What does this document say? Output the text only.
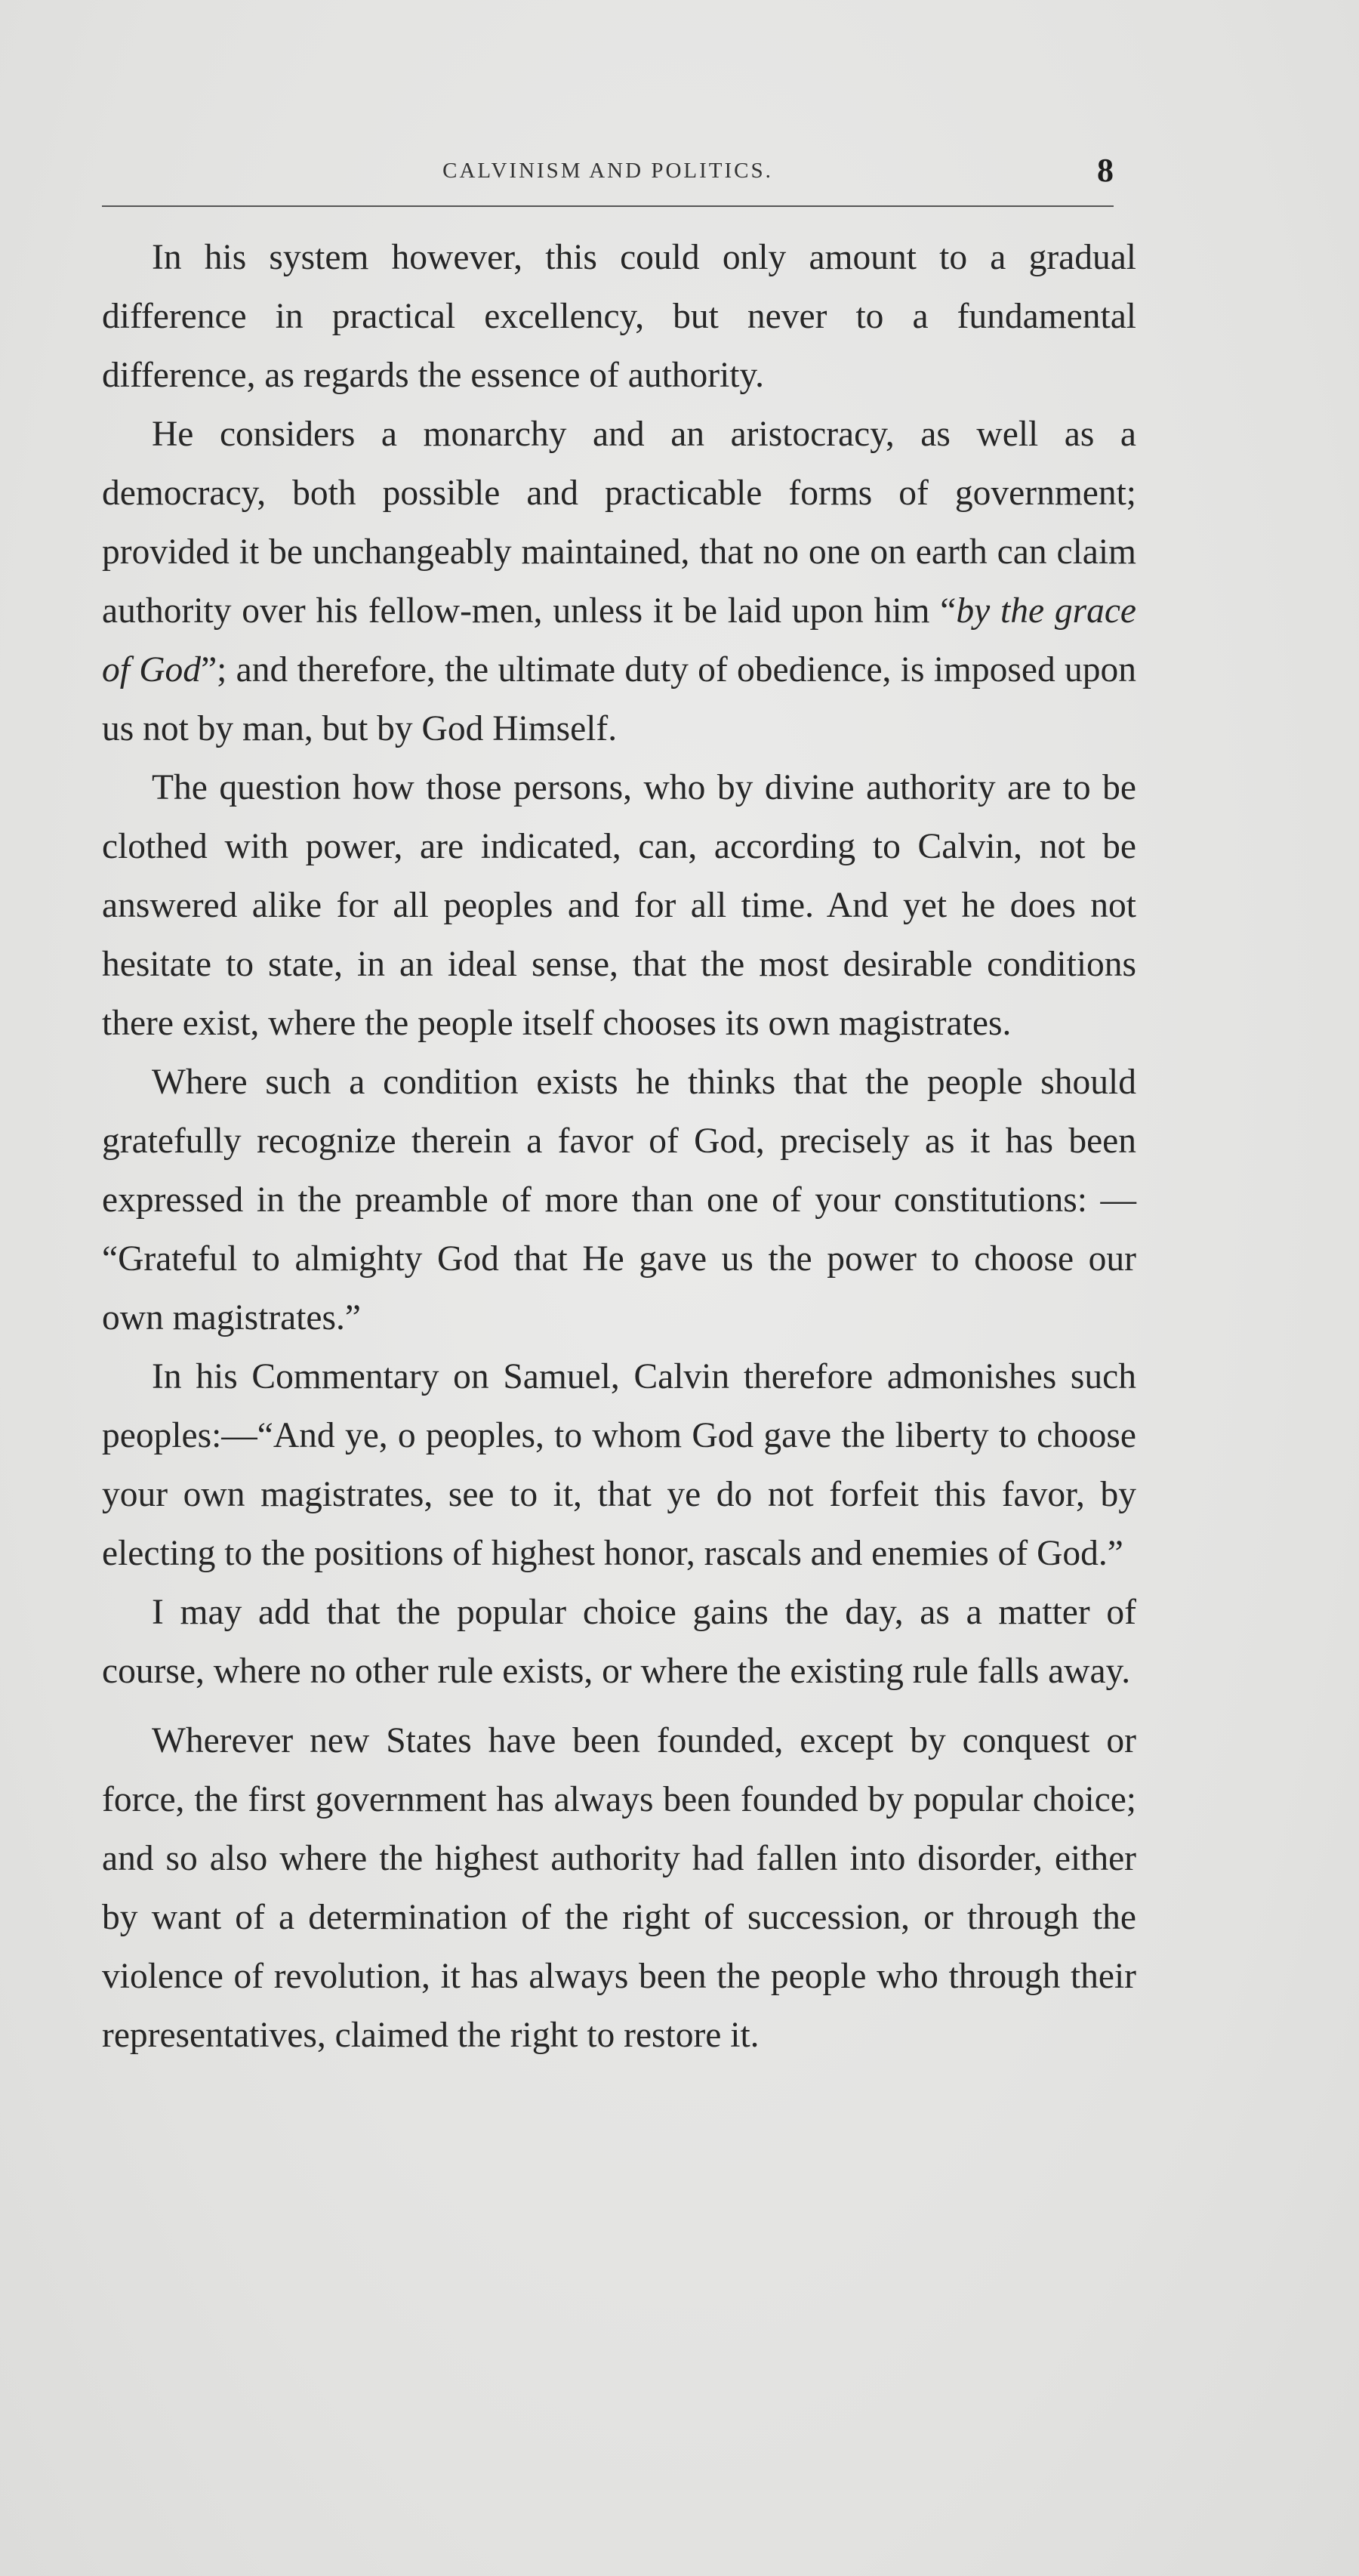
CALVINISM AND POLITICS.	8

In his system however, this could only amount to a gradual difference in practical excellency, but never to a fundamental difference, as regards the essence of authority.

He considers a monarchy and an aristocracy, as well as a democracy, both possible and practicable forms of government; provided it be unchangeably maintained, that no one on earth can claim authority over his fellow-men, unless it be laid upon him “by the grace of God”; and therefore, the ultimate duty of obedience, is imposed upon us not by man, but by God Himself.

The question how those persons, who by divine authority are to be clothed with power, are indicated, can, according to Calvin, not be answered alike for all peoples and for all time. And yet he does not hesitate to state, in an ideal sense, that the most desirable conditions there exist, where the people itself chooses its own magistrates.

Where such a condition exists he thinks that the people should gratefully recognize therein a favor of God, precisely as it has been expressed in the preamble of more than one of your constitutions: — “Grateful to almighty God that He gave us the power to choose our own magistrates.”

In his Commentary on Samuel, Calvin therefore admonishes such peoples:—“And ye, o peoples, to whom God gave the liberty to choose your own magistrates, see to it, that ye do not forfeit this favor, by electing to the positions of highest honor, rascals and enemies of God.”

I may add that the popular choice gains the day, as a matter of course, where no other rule exists, or where the existing rule falls away.

Wherever new States have been founded, except by conquest or force, the first government has always been founded by popular choice; and so also where the highest authority had fallen into disorder, either by want of a determination of the right of succession, or through the violence of revolution, it has always been the people who through their representatives, claimed the right to restore it.
